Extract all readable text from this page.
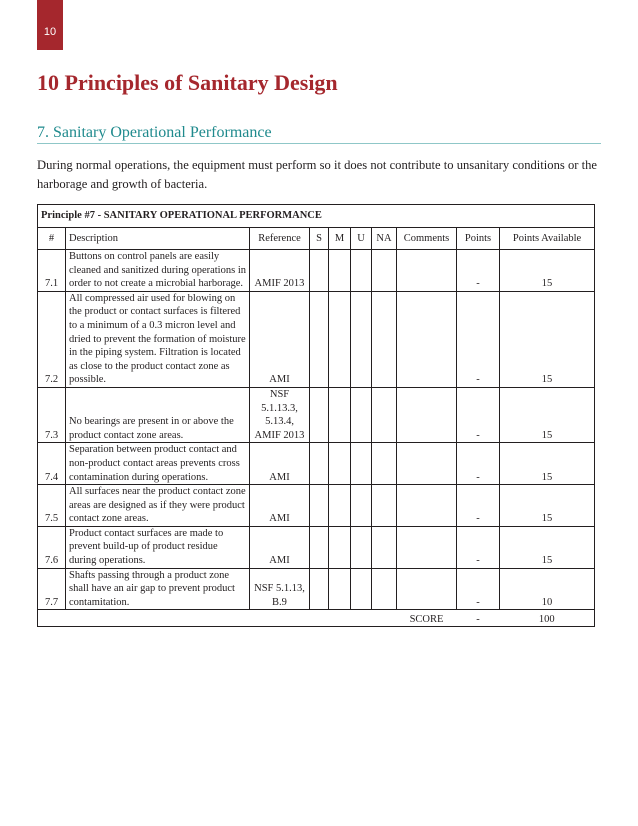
10
10 Principles of Sanitary Design
7. Sanitary Operational Performance

During normal operations, the equipment must perform so it does not contribute to unsanitary conditions or the harborage and growth of bacteria.

Principle #7 - SANITARY OPERATIONAL PERFORMANCE									
#	Description	Reference	S	M	U	NA	Comments	Points	Points Available
7.1	Buttons on control panels are easily cleaned and sanitized during operations in order to not create a microbial harborage.	AMIF 2013						-	15
7.2	All compressed air used for blowing on the product or contact surfaces is filtered to a minimum of a 0.3 micron level and dried to prevent the formation of moisture in the piping system. Filtration is located as close to the product contact zone as possible.	AMI						-	15
7.3	No bearings are present in or above the product contact zone areas.	NSF 5.1.13.3, 5.13.4, AMIF 2013						-	15
7.4	Separation between product contact and non-product contact areas prevents cross contamination during operations.	AMI						-	15
7.5	All surfaces near the product contact zone areas are designed as if they were product contact zone areas.	AMI						-	15
7.6	Product contact surfaces are made to prevent build-up of product residue during operations.	AMI						-	15
7.7	Shafts passing through a product zone shall have an air gap to prevent product contamitation.	NSF 5.1.13, B.9						-	10
							SCORE	-	100
